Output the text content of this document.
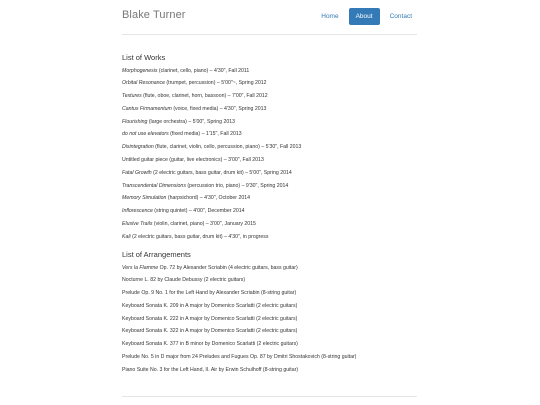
Blake Turner	Home	About	Contact
List of Works
Morphogenesis (clarinet, cello, piano) – 4'30", Fall 2011
Orbital Resonance (trumpet, percussion) – 5'00"~, Spring 2012
Textures (flute, oboe, clarinet, horn, bassoon) – 7'00", Fall 2012
Cantus Firmamentum (voice, fixed media) – 4'30", Spring 2013
Flourishing (large orchestra) – 5'00", Spring 2013
do not use elevators (fixed media) – 1'15", Fall 2013
Disintegration (flute, clarinet, violin, cello, percussion, piano) – 5'30", Fall 2013
Untitled guitar piece (guitar, live electronics) – 3'00", Fall 2013
Fatal Growth (2 electric guitars, bass guitar, drum kit) – 5'00", Spring 2014
Transcendental Dimensions (percussion trio, piano) – 9'30", Spring 2014
Memory Simulation (harpsichord) – 4'30", October 2014
Inflorescence (string quintet) – 4'00", December 2014
Elusive Trails (violin, clarinet, piano) – 3'00", January 2015
Kali (2 electric guitars, bass guitar, drum kit) – 4'30", in progress
List of Arrangements
Vers la Flamme Op. 72 by Alexander Scriabin (4 electric guitars, bass guitar)
Nocturne L. 82 by Claude Debussy (2 electric guitars)
Prelude Op. 9 No. 1 for the Left Hand by Alexander Scriabin (8-string guitar)
Keyboard Sonata K. 209 in A major by Domenico Scarlatti (2 electric guitars)
Keyboard Sonata K. 222 in A major by Domenico Scarlatti (2 electric guitars)
Keyboard Sonata K. 322 in A major by Domenico Scarlatti (2 electric guitars)
Keyboard Sonata K. 377 in B minor by Domenico Scarlatti (2 electric guitars)
Prelude No. 5 in D major from 24 Preludes and Fugues Op. 87 by Dmitri Shostakovich (8-string guitar)
Piano Suite No. 3 for the Left Hand, II. Air by Erwin Schulhoff (8-string guitar)
